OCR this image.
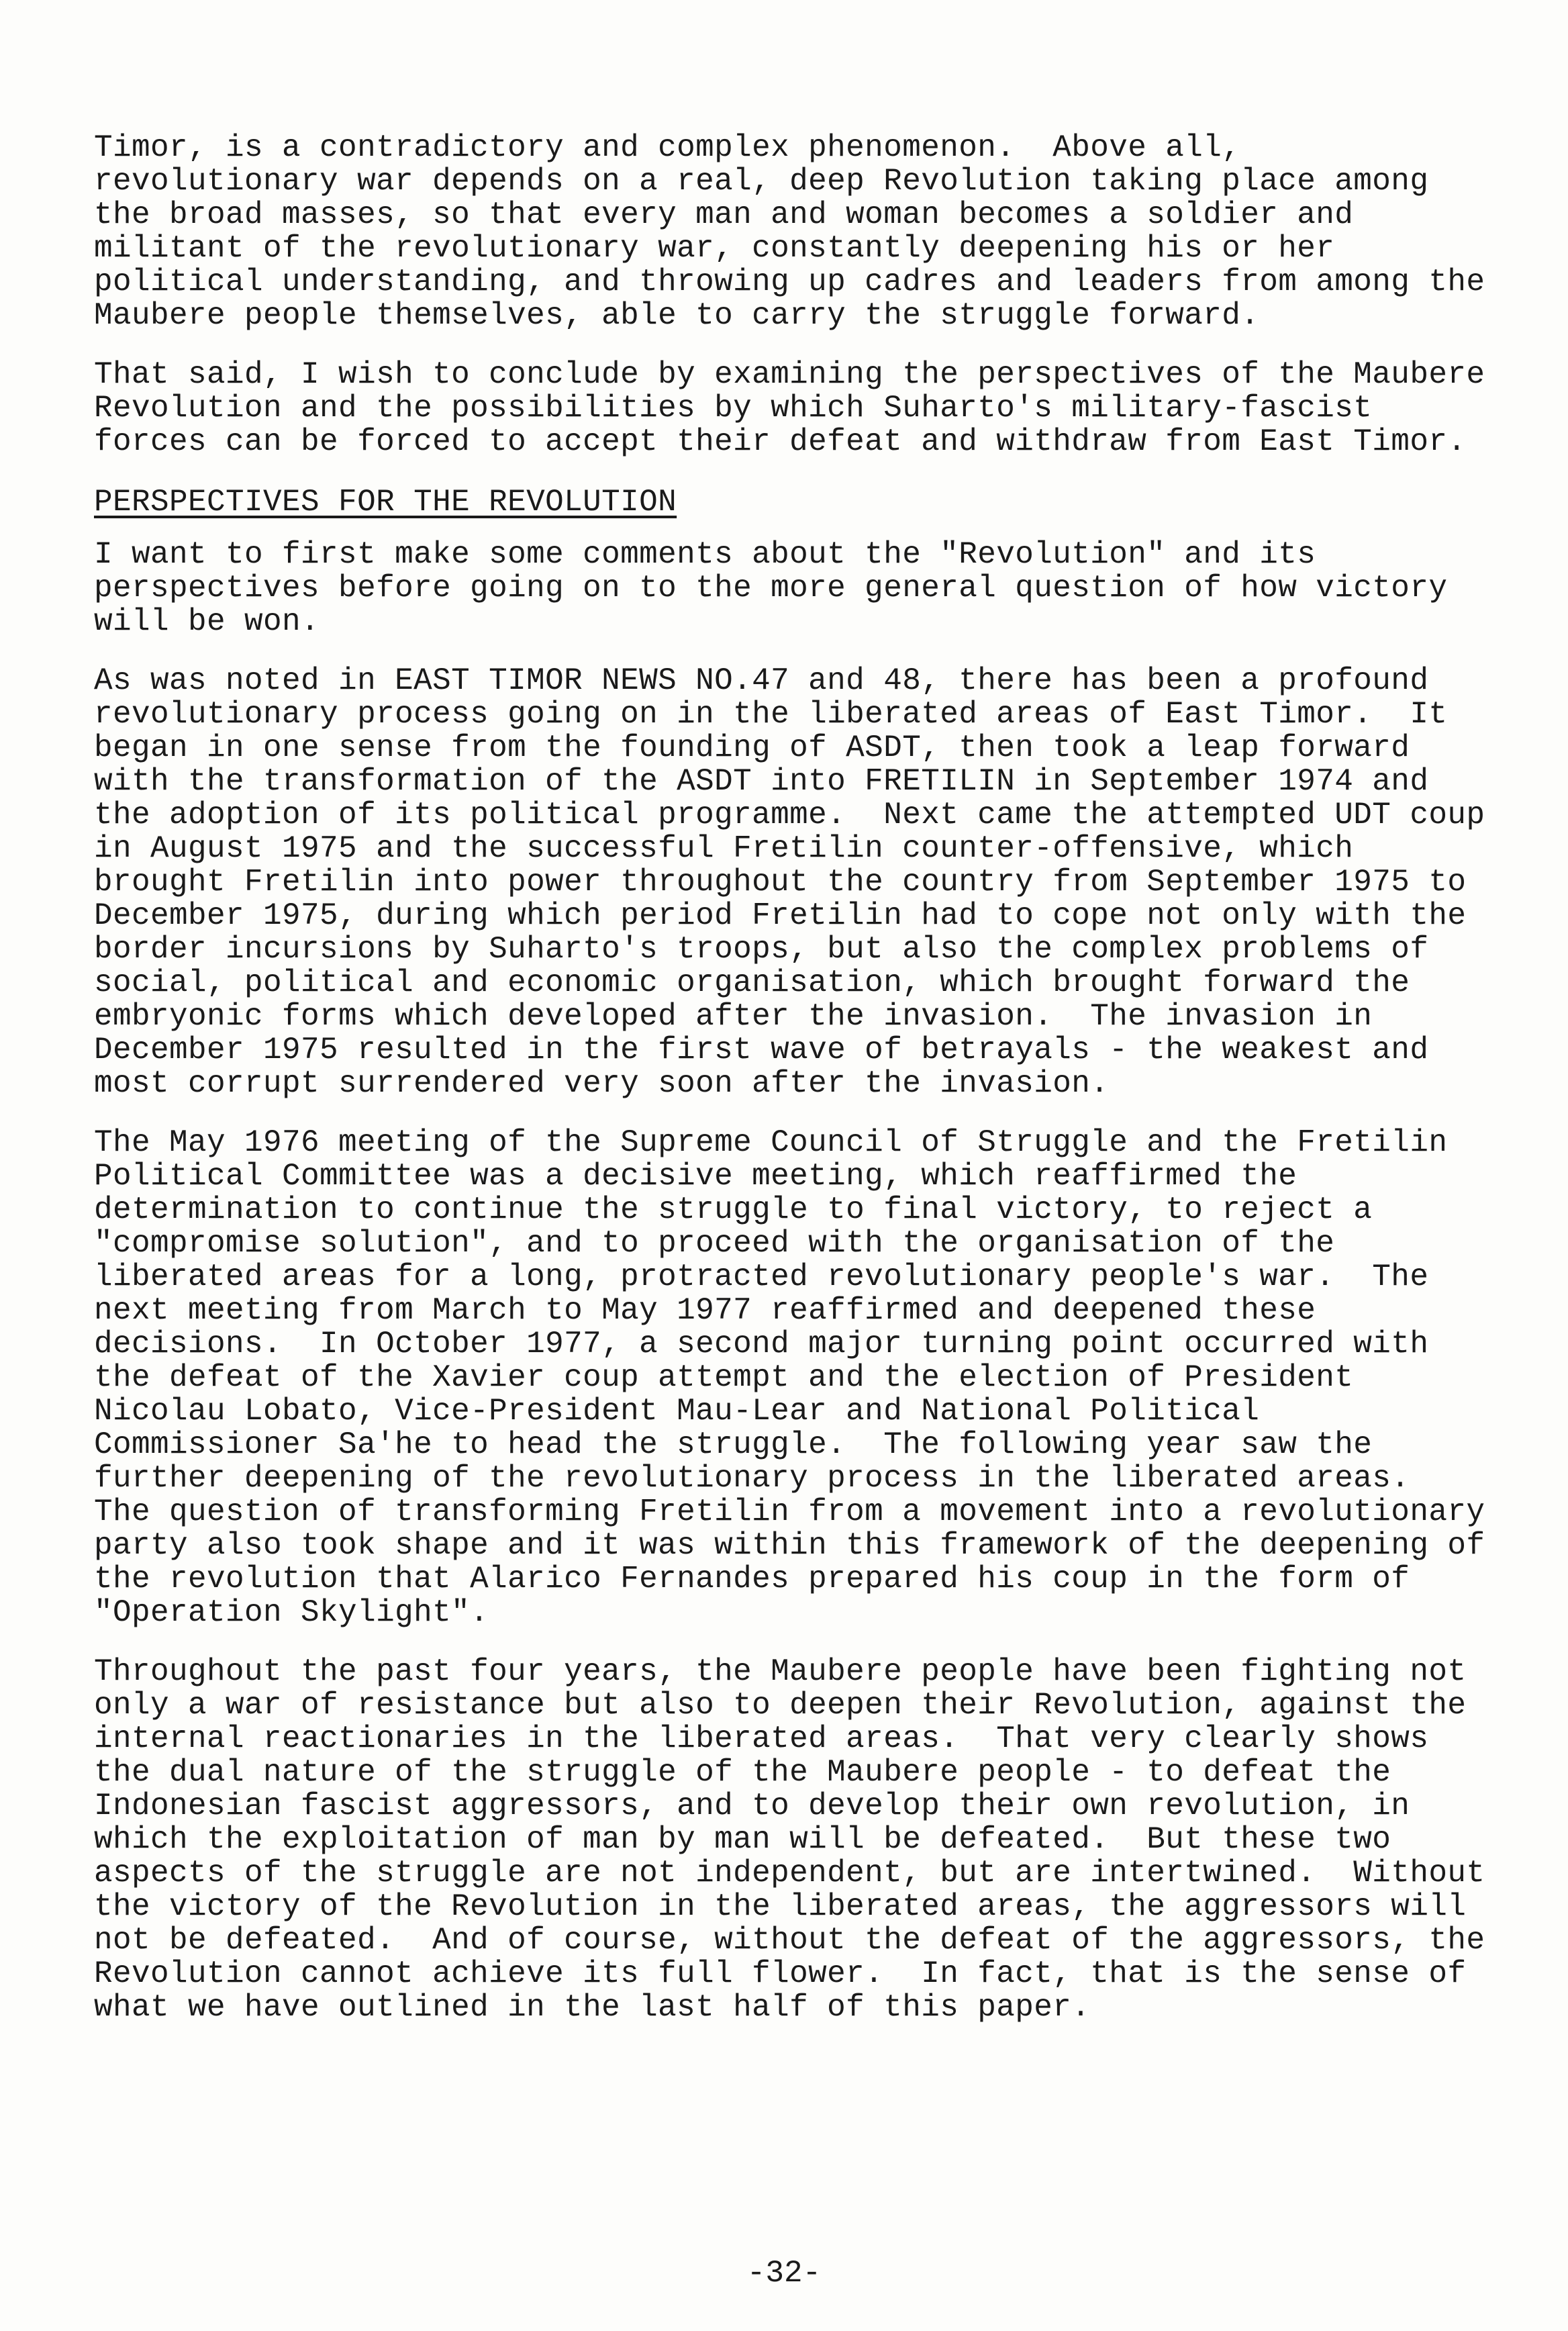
Timor, is a contradictory and complex phenomenon.  Above all, revolutionary war depends on a real, deep Revolution taking place among the broad masses, so that every man and woman becomes a soldier and militant of the revolutionary war, constantly deepening his or her political understanding, and throwing up cadres and leaders from among the Maubere people themselves, able to carry the struggle forward.

That said, I wish to conclude by examining the perspectives of the Maubere Revolution and the possibilities by which Suharto's military-fascist forces can be forced to accept their defeat and withdraw from East Timor.

PERSPECTIVES FOR THE REVOLUTION

I want to first make some comments about the "Revolution" and its perspectives before going on to the more general question of how victory will be won.

As was noted in EAST TIMOR NEWS NO.47 and 48, there has been a profound revolutionary process going on in the liberated areas of East Timor.  It began in one sense from the founding of ASDT, then took a leap forward with the transformation of the ASDT into FRETILIN in September 1974 and the adoption of its political programme.  Next came the attempted UDT coup in August 1975 and the successful Fretilin counter-offensive, which brought Fretilin into power throughout the country from September 1975 to December 1975, during which period Fretilin had to cope not only with the border incursions by Suharto's troops, but also the complex problems of social, political and economic organisation, which brought forward the embryonic forms which developed after the invasion.  The invasion in December 1975 resulted in the first wave of betrayals - the weakest and most corrupt surrendered very soon after the invasion.

The May 1976 meeting of the Supreme Council of Struggle and the Fretilin Political Committee was a decisive meeting, which reaffirmed the determination to continue the struggle to final victory, to reject a "compromise solution", and to proceed with the organisation of the liberated areas for a long, protracted revolutionary people's war.  The next meeting from March to May 1977 reaffirmed and deepened these decisions.  In October 1977, a second major turning point occurred with the defeat of the Xavier coup attempt and the election of President Nicolau Lobato, Vice-President Mau-Lear and National Political Commissioner Sa'he to head the struggle.  The following year saw the further deepening of the revolutionary process in the liberated areas.  The question of transforming Fretilin from a movement into a revolutionary party also took shape and it was within this framework of the deepening of the revolution that Alarico Fernandes prepared his coup in the form of "Operation Skylight".

Throughout the past four years, the Maubere people have been fighting not only a war of resistance but also to deepen their Revolution, against the internal reactionaries in the liberated areas.  That very clearly shows the dual nature of the struggle of the Maubere people - to defeat the Indonesian fascist aggressors, and to develop their own revolution, in which the exploitation of man by man will be defeated.  But these two aspects of the struggle are not independent, but are intertwined.  Without the victory of the Revolution in the liberated areas, the aggressors will not be defeated.  And of course, without the defeat of the aggressors, the Revolution cannot achieve its full flower.  In fact, that is the sense of what we have outlined in the last half of this paper.

-32-
